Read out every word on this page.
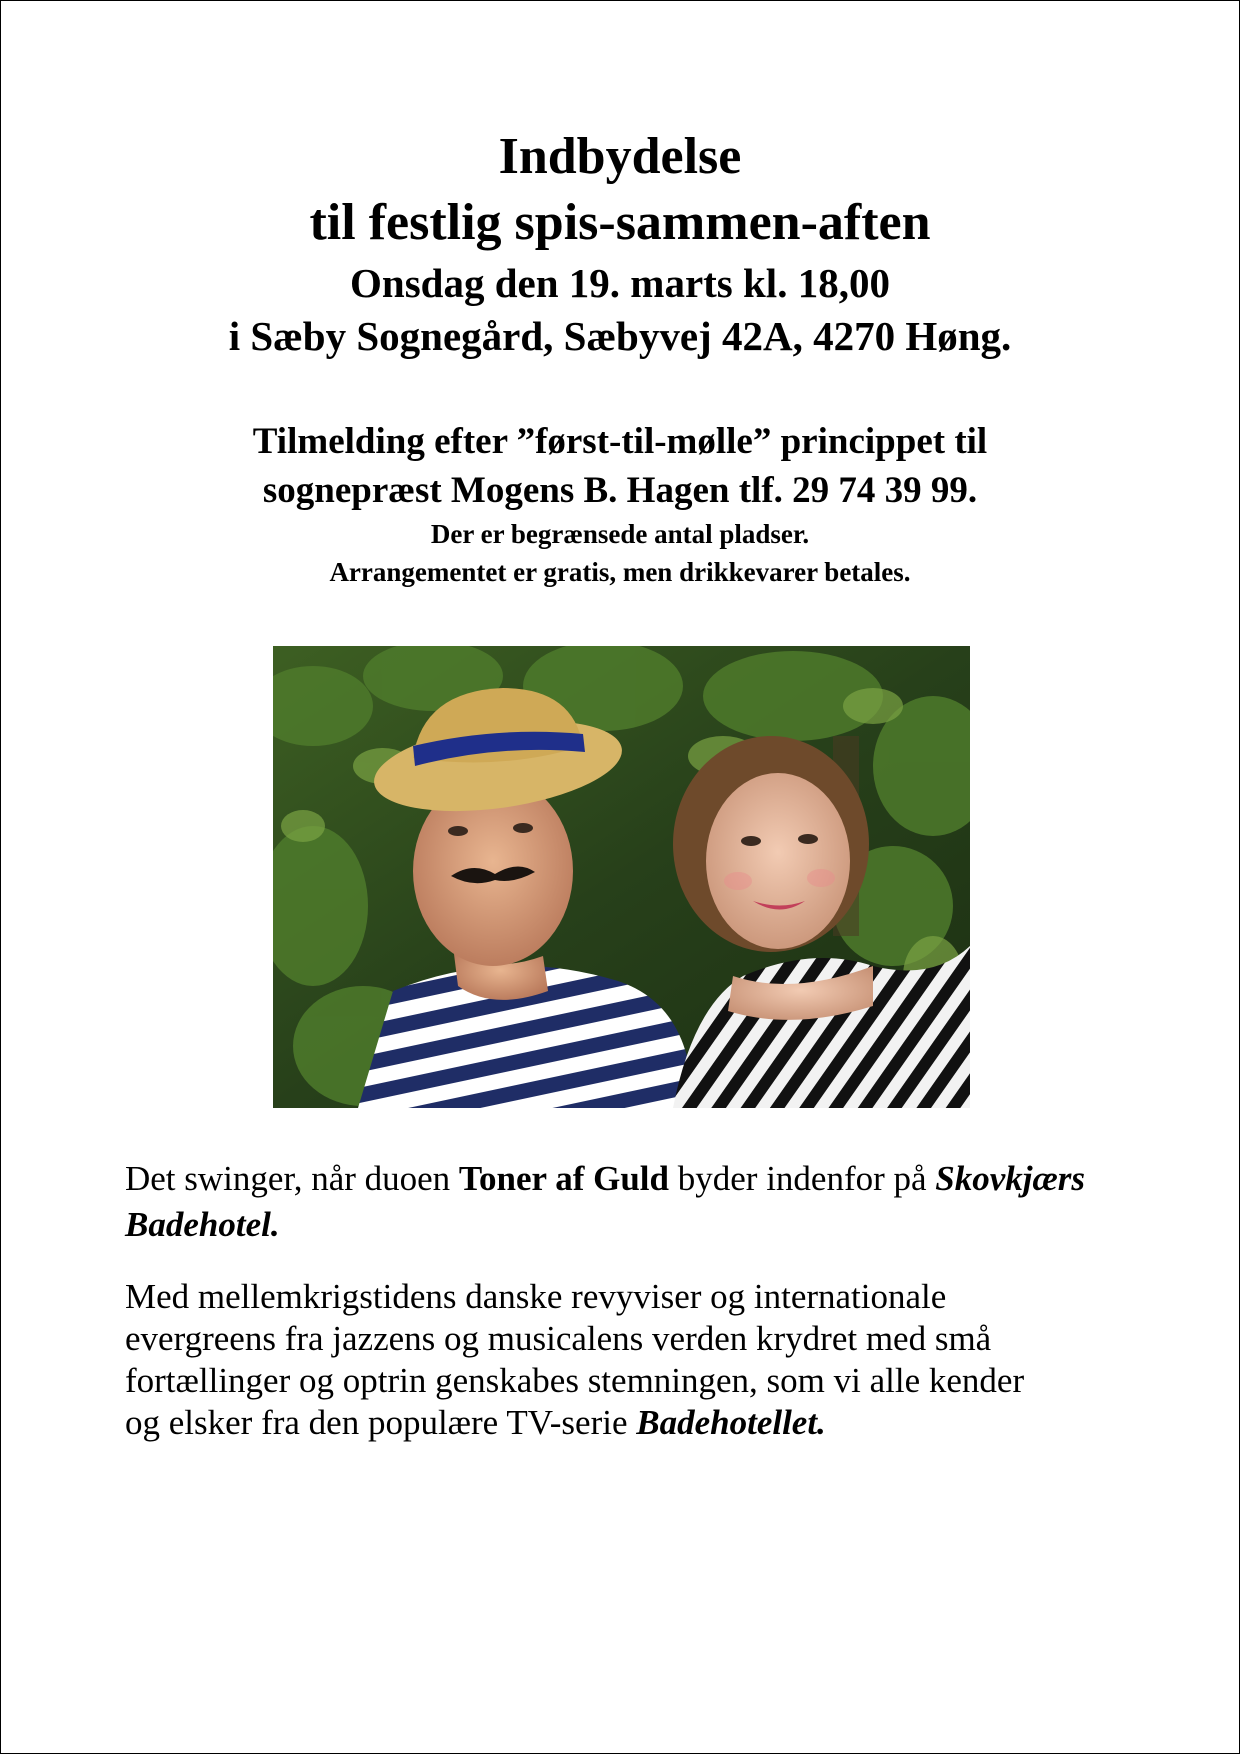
Indbydelse

til festlig spis-sammen-aften

Onsdag den 19. marts kl. 18,00

i Sæby Sognegård, Sæbyvej 42A, 4270 Høng.

Tilmelding efter ”først-til-mølle” princippet til

sognepræst Mogens B. Hagen tlf. 29 74 39 99.

Der er begrænsede antal pladser.

Arrangementet er gratis, men drikkevarer betales.

Det swinger, når duoen Toner af Guld byder indenfor på Skovkjærs
Badehotel.

Med mellemkrigstidens danske revyviser og internationale
evergreens fra jazzens og musicalens verden krydret med små
fortællinger og optrin genskabes stemningen, som vi alle kender
og elsker fra den populære TV-serie Badehotellet.
